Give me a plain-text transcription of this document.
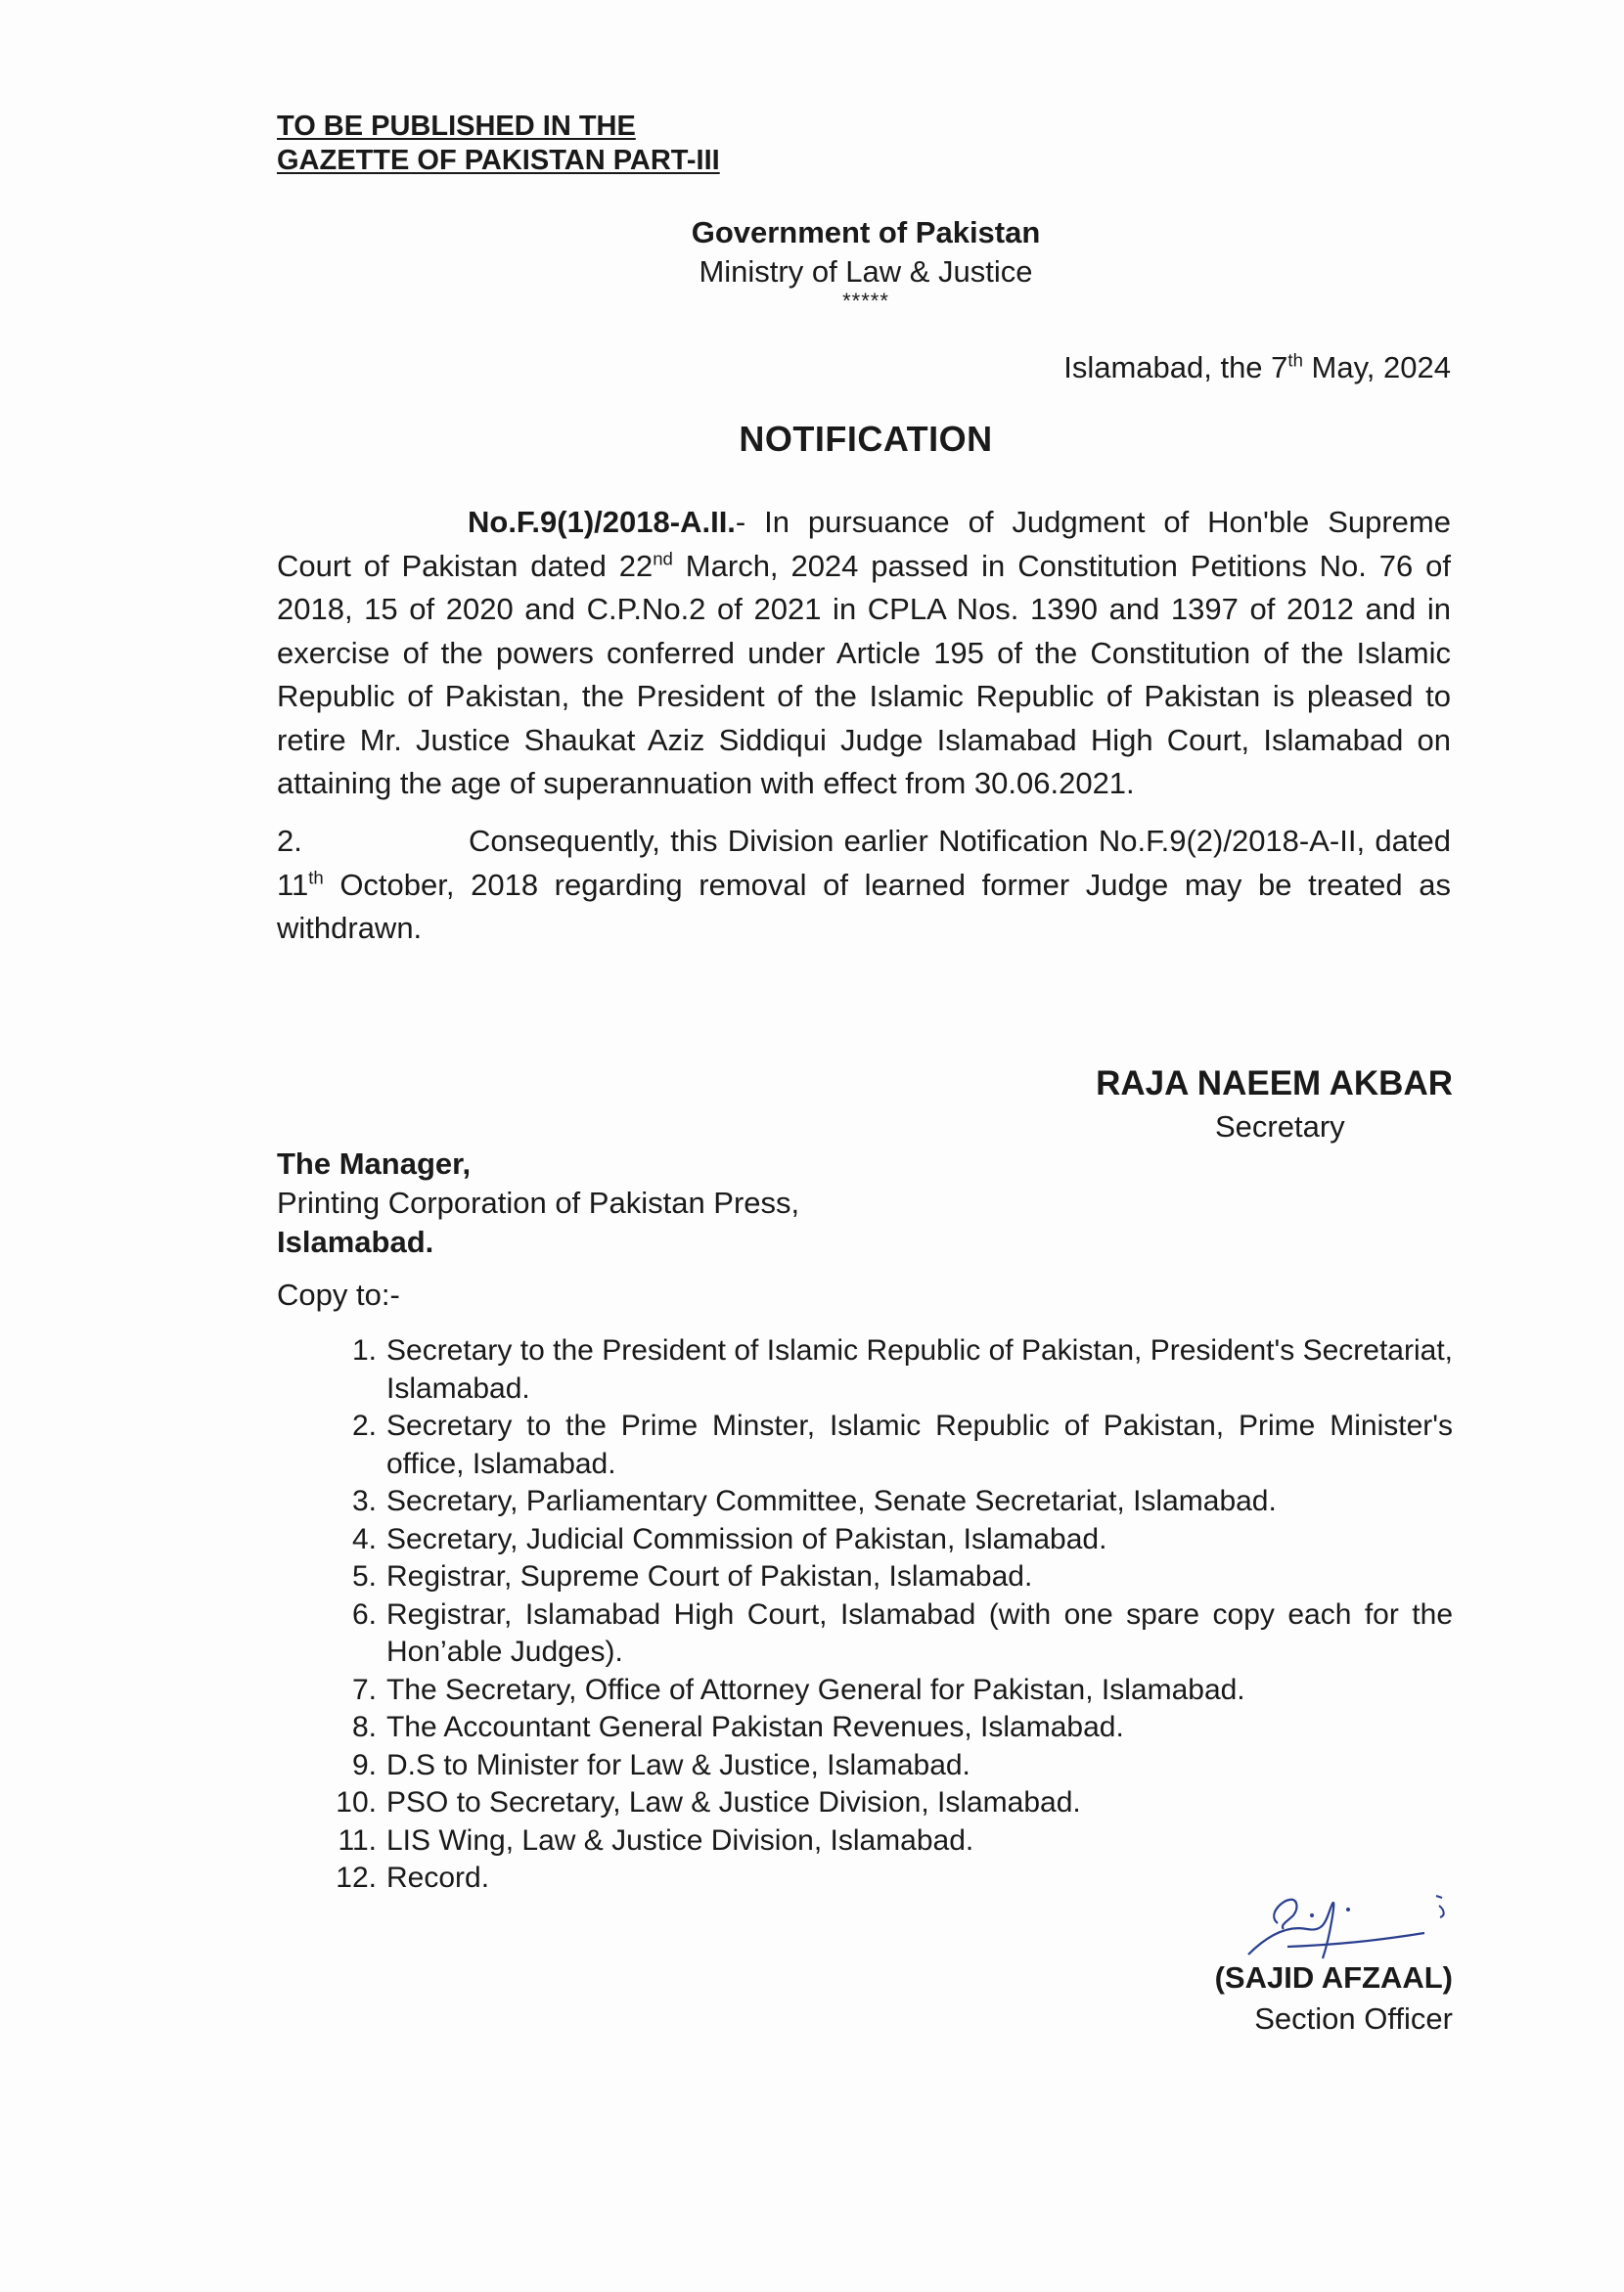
TO BE PUBLISHED IN THE
GAZETTE OF PAKISTAN PART-III
Government of Pakistan
Ministry of Law & Justice
*****
Islamabad, the 7th May, 2024
NOTIFICATION
No.F.9(1)/2018-A.II.- In pursuance of Judgment of Hon'ble Supreme Court of Pakistan dated 22nd March, 2024 passed in Constitution Petitions No. 76 of 2018, 15 of 2020 and C.P.No.2 of 2021 in CPLA Nos. 1390 and 1397 of 2012 and in exercise of the powers conferred under Article 195 of the Constitution of the Islamic Republic of Pakistan, the President of the Islamic Republic of Pakistan is pleased to retire Mr. Justice Shaukat Aziz Siddiqui Judge Islamabad High Court, Islamabad on attaining the age of superannuation with effect from 30.06.2021.
2.	Consequently, this Division earlier Notification No.F.9(2)/2018-A-II, dated 11th October, 2018 regarding removal of learned former Judge may be treated as withdrawn.
RAJA NAEEM AKBAR
Secretary
The Manager,
Printing Corporation of Pakistan Press,
Islamabad.
Copy to:-
1. Secretary to the President of Islamic Republic of Pakistan, President's Secretariat, Islamabad.
2. Secretary to the Prime Minster, Islamic Republic of Pakistan, Prime Minister's office, Islamabad.
3. Secretary, Parliamentary Committee, Senate Secretariat, Islamabad.
4. Secretary, Judicial Commission of Pakistan, Islamabad.
5. Registrar, Supreme Court of Pakistan, Islamabad.
6. Registrar, Islamabad High Court, Islamabad (with one spare copy each for the Hon’able Judges).
7. The Secretary, Office of Attorney General for Pakistan, Islamabad.
8. The Accountant General Pakistan Revenues, Islamabad.
9. D.S to Minister for Law & Justice, Islamabad.
10. PSO to Secretary, Law & Justice Division, Islamabad.
11. LIS Wing, Law & Justice Division, Islamabad.
12. Record.
(SAJID AFZAAL)
Section Officer
